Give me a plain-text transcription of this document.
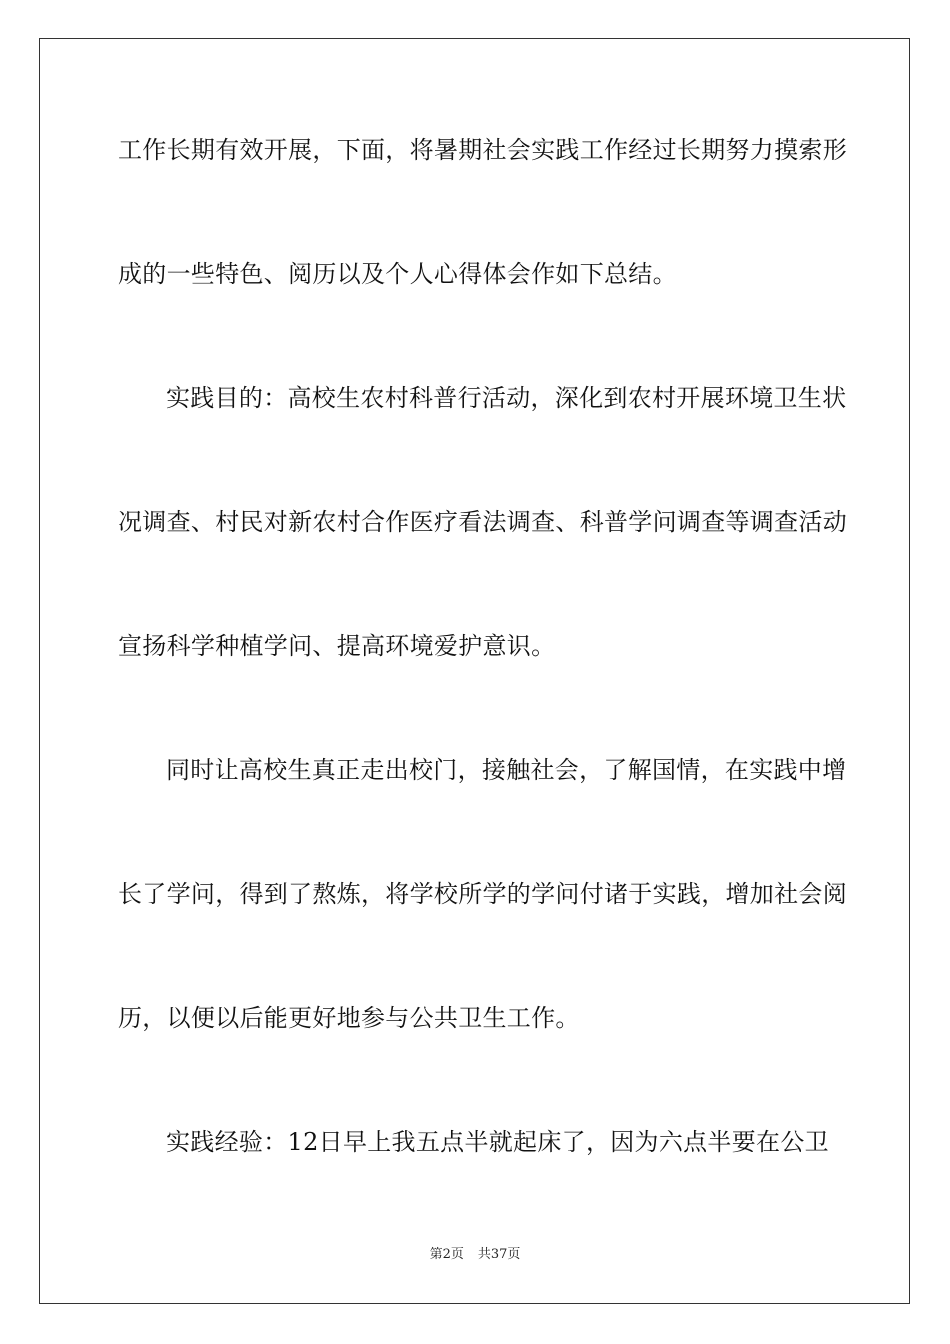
工作长期有效开展，下面，将暑期社会实践工作经过长期努力摸索形
成的一些特色、阅历以及个人心得体会作如下总结。
实践目的：高校生农村科普行活动，深化到农村开展环境卫生状
况调查、村民对新农村合作医疗看法调查、科普学问调查等调查活动
宣扬科学种植学问、提高环境爱护意识。
同时让高校生真正走出校门，接触社会，了解国情，在实践中增
长了学问，得到了熬炼，将学校所学的学问付诸于实践，增加社会阅
历，以便以后能更好地参与公共卫生工作。
实践经验：12日早上我五点半就起床了，因为六点半要在公卫
第2页 共37页
